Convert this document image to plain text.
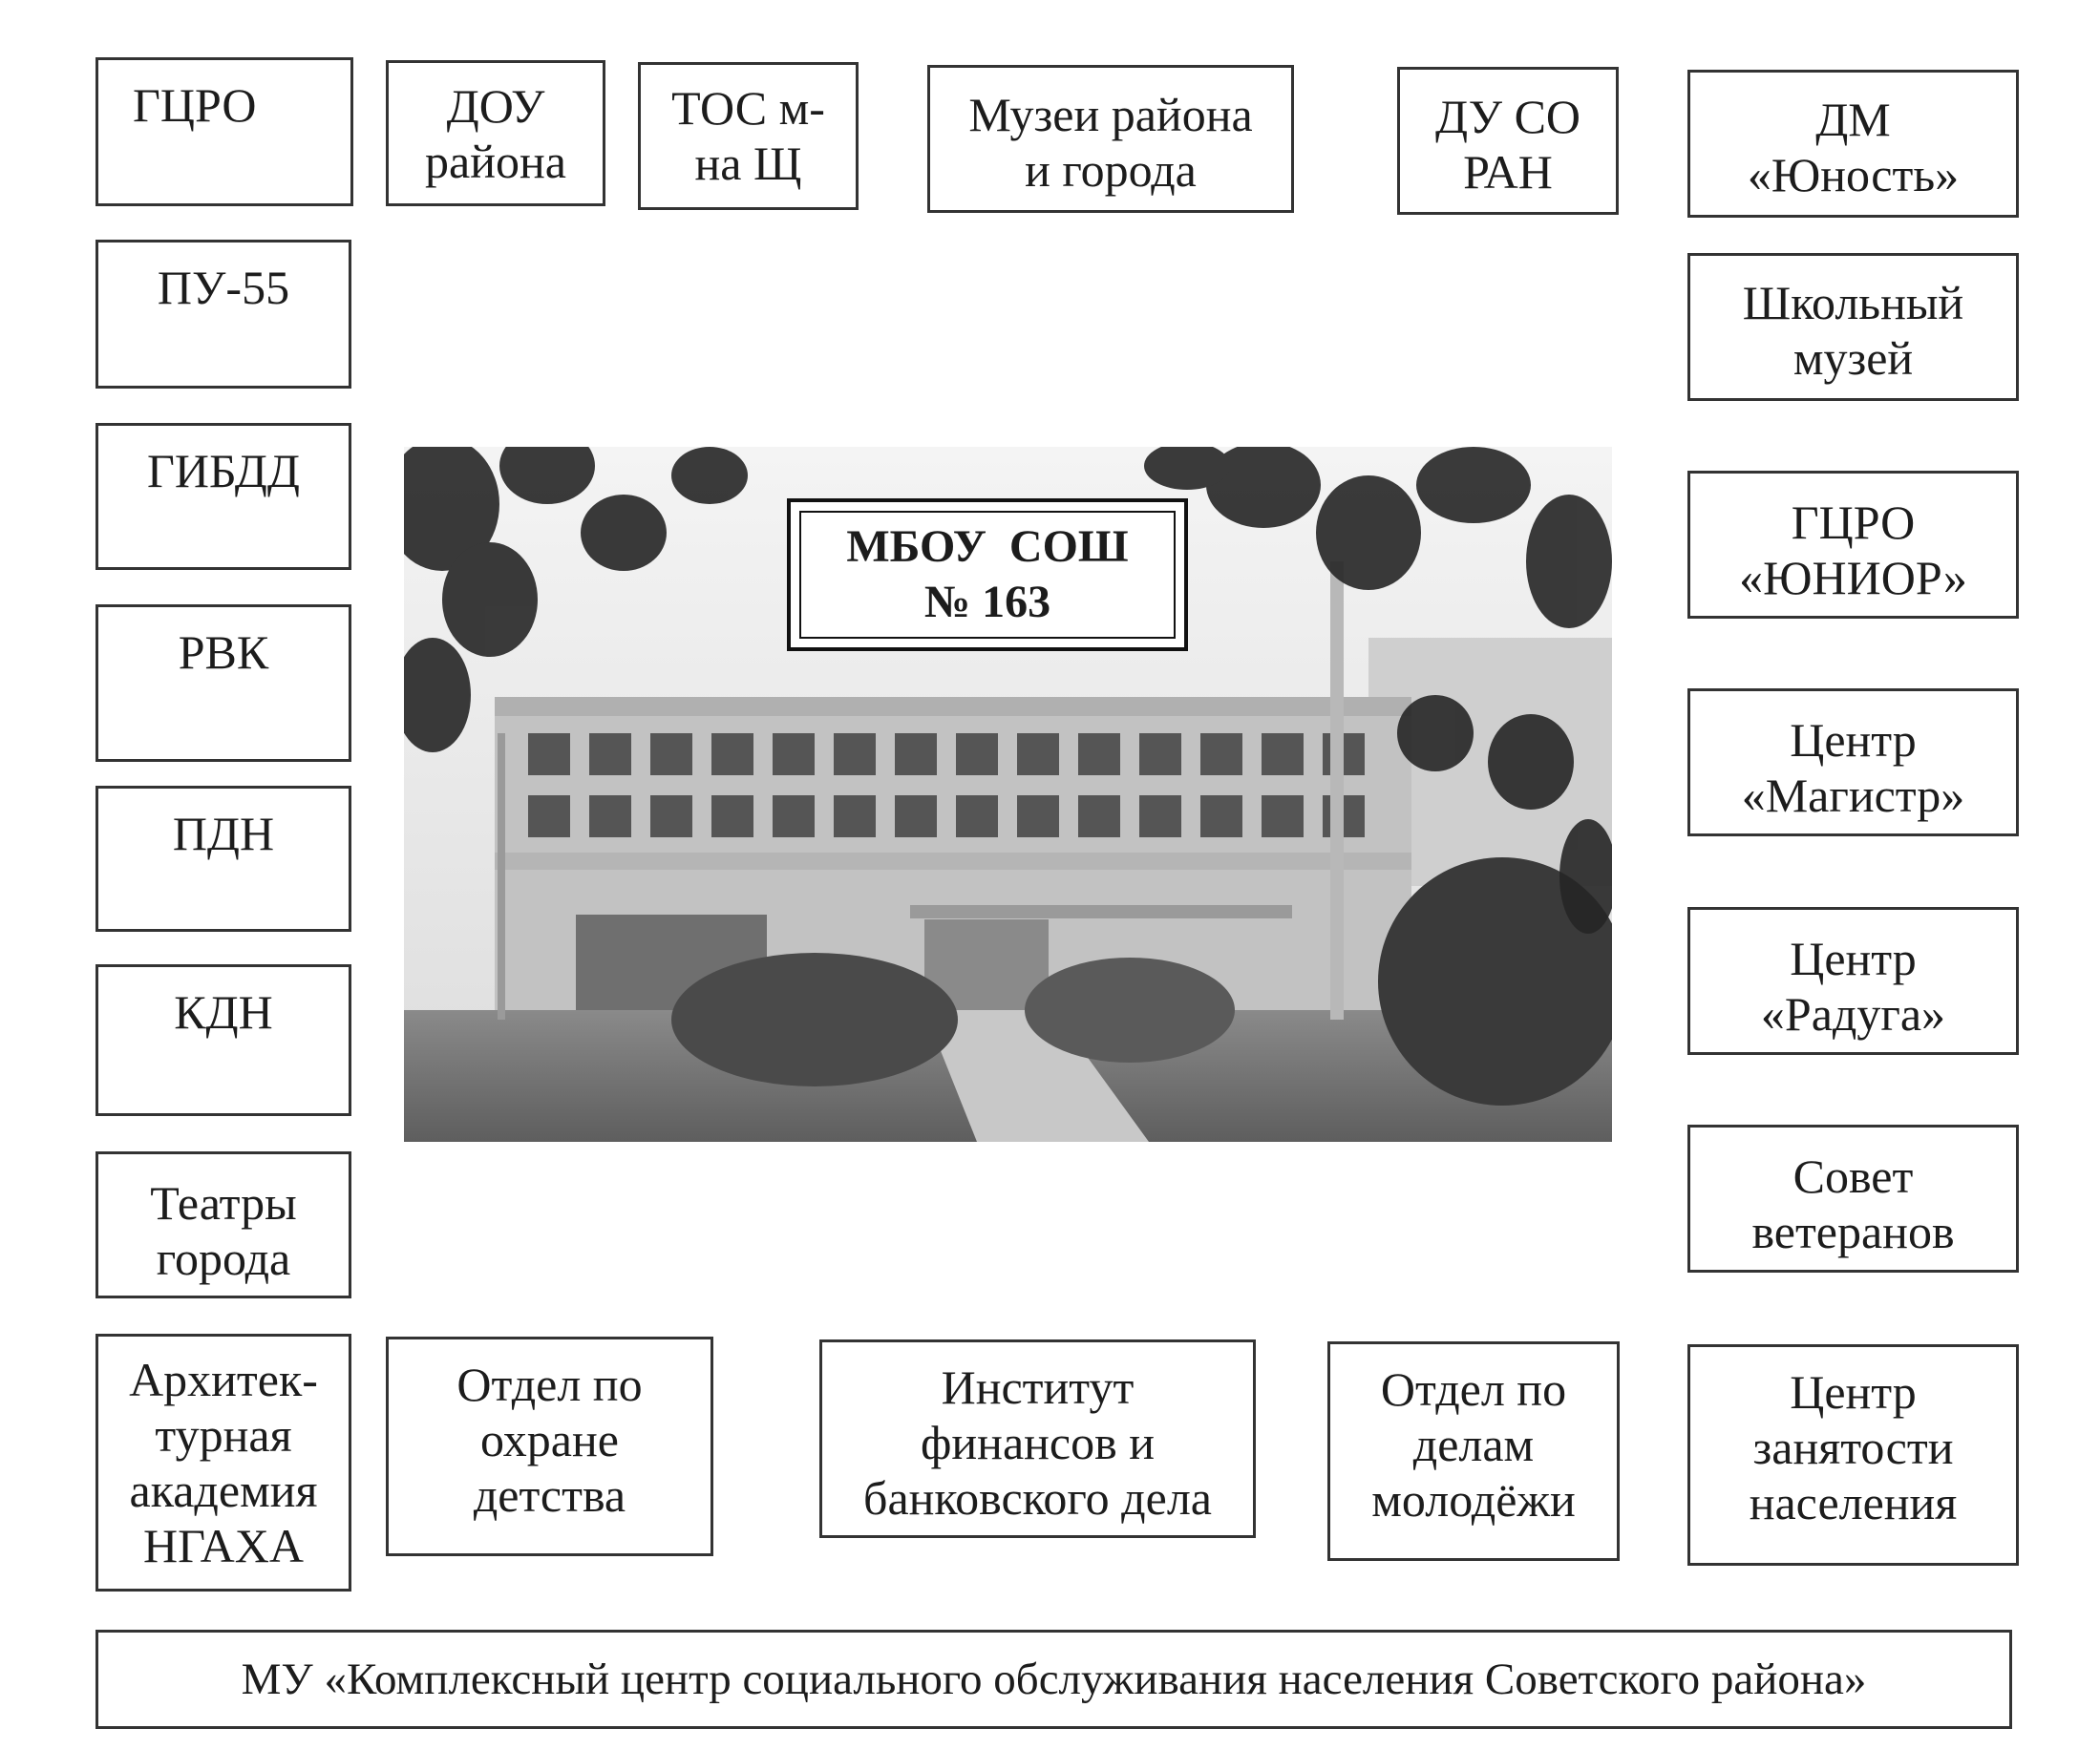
ГЦРО	ДОУ
района
ТОС м-
на Щ
Музеи района
и города
ДУ СО
РАН
ДМ
«Юность»
ПУ-55
ГИБДД
РВК
ПДН
КДН
Театры
города
Школьный
музей
ГЦРО
«ЮНИОР»
Центр
«Магистр»
Центр
«Радуга»
Совет
ветеранов
Архитек-
турная
академия
НГАХА
Отдел по
охране
детства
Институт
финансов и
банковского дела
Отдел по
делам
молодёжи
Центр
занятости
населения
МУ «Комплексный центр социального обслуживания населения Советского района»
МБОУ  СОШ
№ 163
